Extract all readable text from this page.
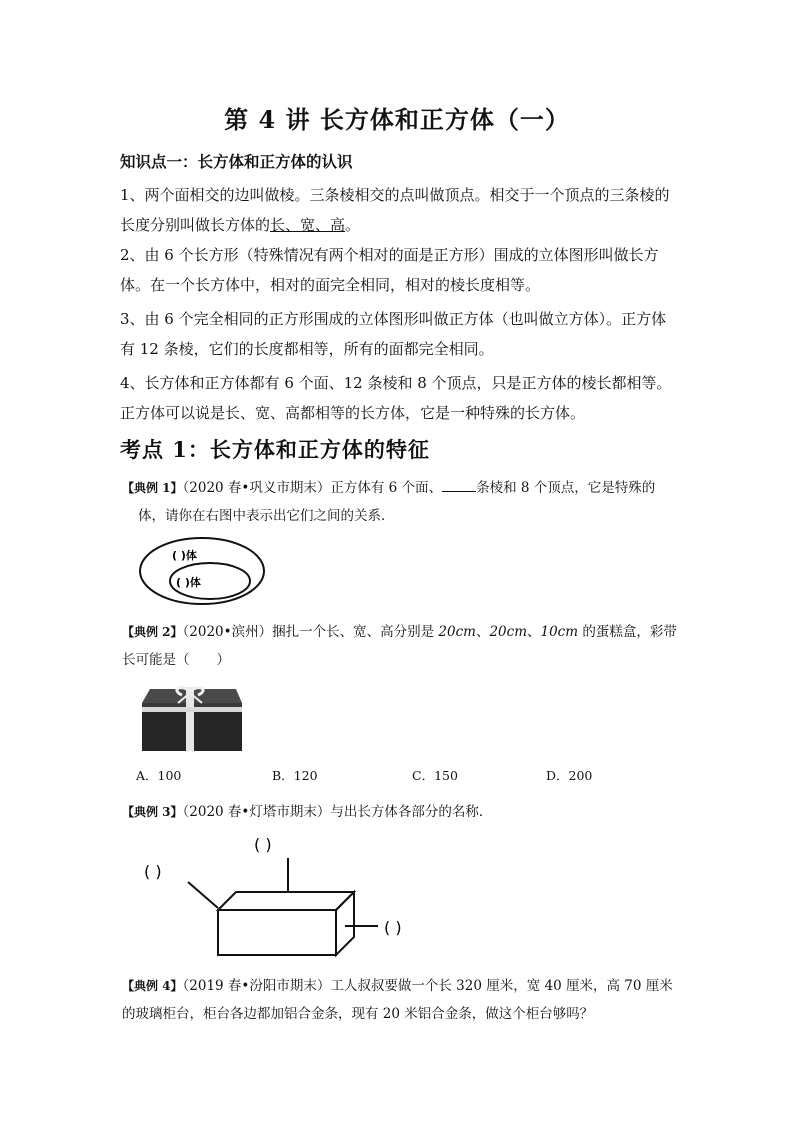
第 4 讲 长方体和正方体（一）
知识点一：长方体和正方体的认识
1、两个面相交的边叫做棱。三条棱相交的点叫做顶点。相交于一个顶点的三条棱的长度分别叫做长方体的长、宽、高。
2、由 6 个长方形（特殊情况有两个相对的面是正方形）围成的立体图形叫做长方体。在一个长方体中，相对的面完全相同，相对的棱长度相等。
3、由 6 个完全相同的正方形围成的立体图形叫做正方体（也叫做立方体）。正方体有 12 条棱，它们的长度都相等，所有的面都完全相同。
4、长方体和正方体都有 6 个面、12 条棱和 8 个顶点，只是正方体的棱长都相等。正方体可以说是长、宽、高都相等的长方体，它是一种特殊的长方体。
考点 1：长方体和正方体的特征
【典例 1】（2020 春•巩义市期末）正方体有 6 个面、	条棱和 8 个顶点，它是特殊的
体，请你在右图中表示出它们之间的关系．
( )体
( )体
【典例 2】（2020•滨州）捆扎一个长、宽、高分别是 20cm、20cm、10cm 的蛋糕盒，彩带长可能是（　　）
A．100	B．120	C．150	D．200
【典例 3】（2020 春•灯塔市期末）与出长方体各部分的名称．
( )
( )
( )
【典例 4】（2019 春•汾阳市期末）工人叔叔要做一个长 320 厘米，宽 40 厘米，高 70 厘米的玻璃柜台，柜台各边都加铝合金条，现有 20 米铝合金条，做这个柜台够吗？
